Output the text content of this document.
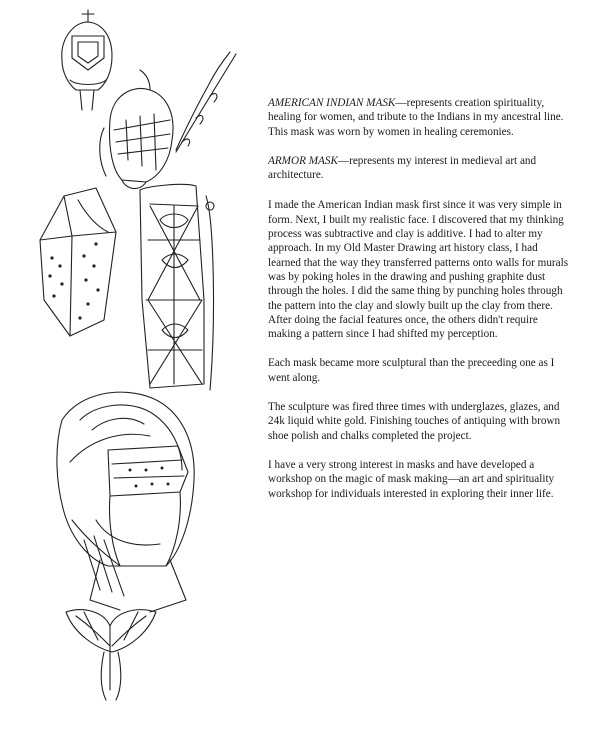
AMERICAN INDIAN MASK—represents creation spirituality, healing for women, and tribute to the Indians in my ancestral line. This mask was worn by women in healing ceremonies.

ARMOR MASK—represents my interest in medieval art and architecture.

I made the American Indian mask first since it was very simple in form. Next, I built my realistic face. I discovered that my thinking process was subtractive and clay is additive. I had to alter my approach. In my Old Master Drawing art history class, I had learned that the way they transferred patterns onto walls for murals was by poking holes in the drawing and pushing graphite dust through the holes. I did the same thing by punching holes through the pattern into the clay and slowly built up the clay from there. After doing the facial features once, the others didn't require making a pattern since I had shifted my perception.

Each mask became more sculptural than the preceeding one as I went along.

The sculpture was fired three times with underglazes, glazes, and 24k liquid white gold. Finishing touches of antiquing with brown shoe polish and chalks completed the project.

I have a very strong interest in masks and have developed a workshop on the magic of mask making—an art and spirituality workshop for individuals interested in exploring their inner life.
